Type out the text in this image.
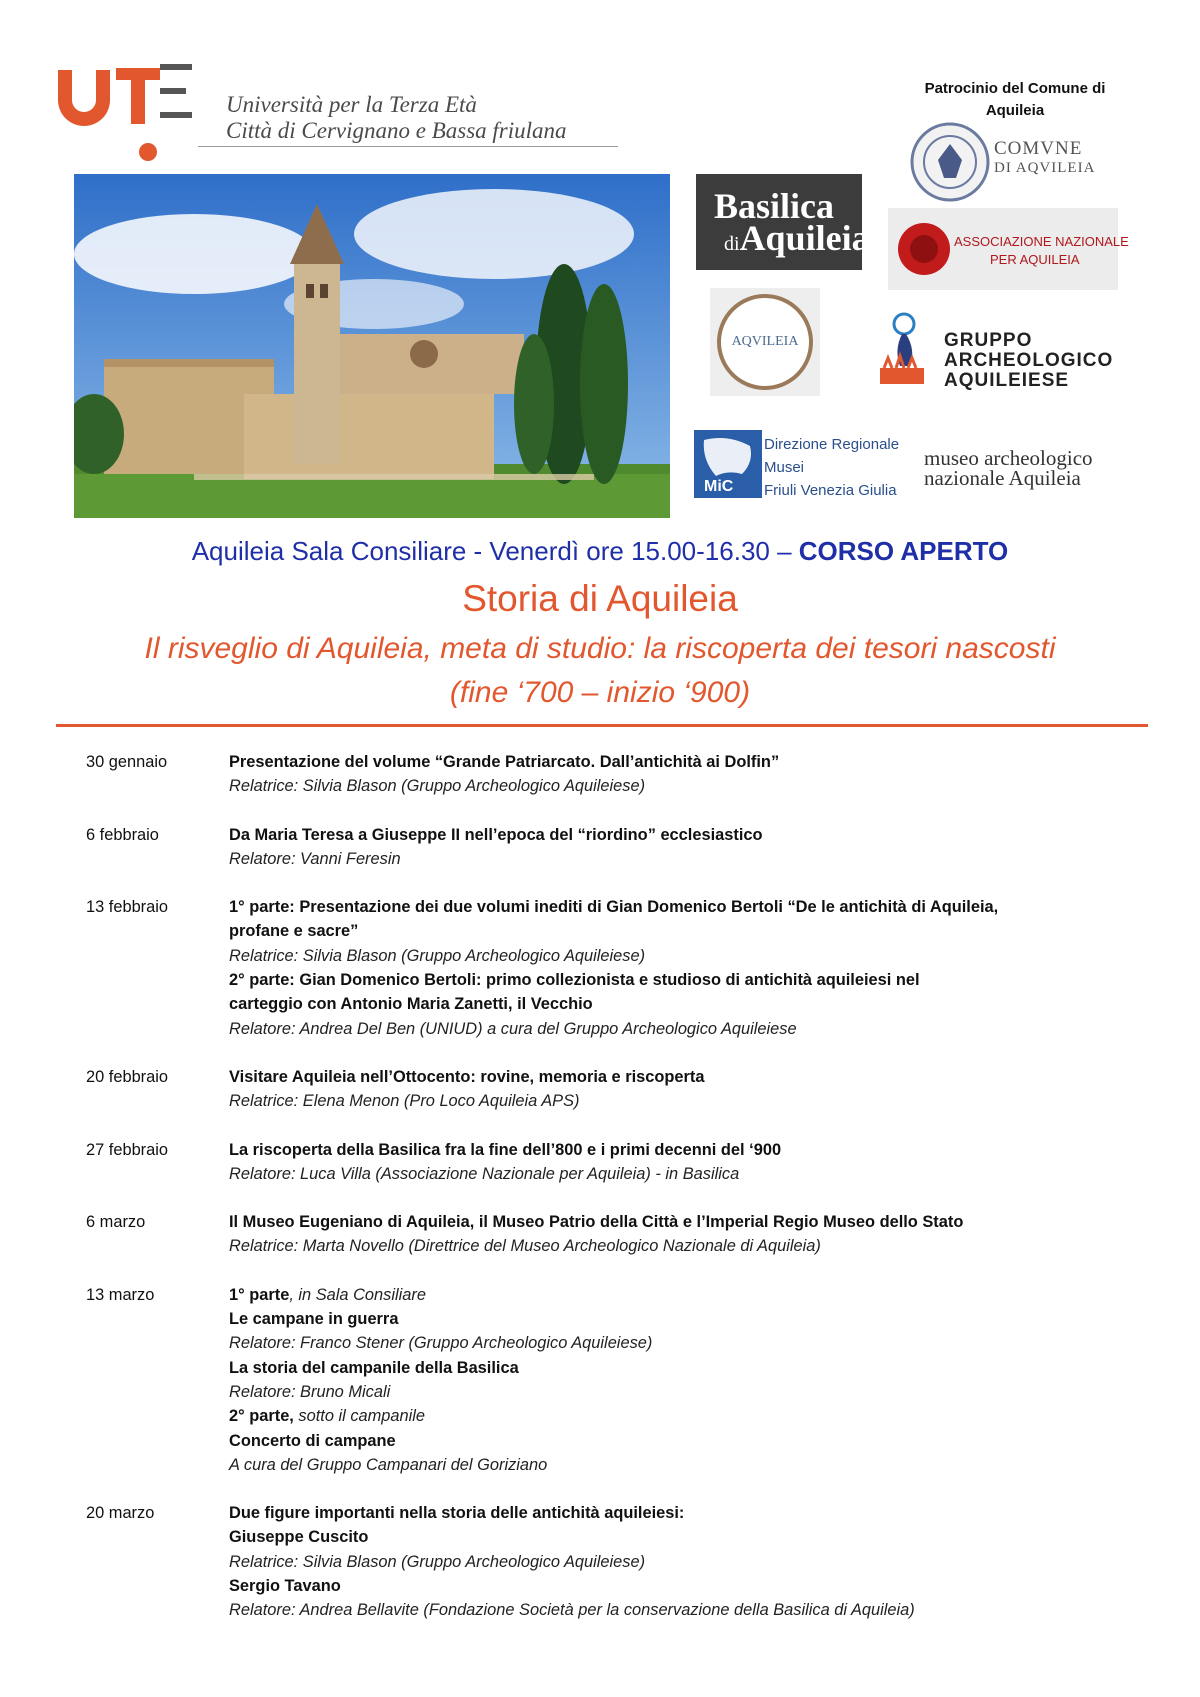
Università per la Terza Età
Città di Cervignano e Bassa friulana
Patrocinio del Comune di
Aquileia
Basilica
diAquileia
COMVNE
DI AQVILEIA
ASSOCIAZIONE NAZIONALE
PER AQUILEIA
AQVILEIA	GRUPPO
ARCHEOLOGICO
AQUILEIESE
MiC
Direzione Regionale
Musei
Friuli Venezia Giulia
museo archeologico
nazionale Aquileia
Aquileia Sala Consiliare - Venerdì ore 15.00-16.30 – CORSO APERTO
Storia di Aquileia
Il risveglio di Aquileia, meta di studio: la riscoperta dei tesori nascosti
(fine ‘700 – inizio ‘900)
30 gennaio	Presentazione del volume “Grande Patriarcato. Dall’antichità ai Dolfin”
Relatrice: Silvia Blason (Gruppo Archeologico Aquileiese)
6 febbraio	Da Maria Teresa a Giuseppe II nell’epoca del “riordino” ecclesiastico
Relatore: Vanni Feresin
13 febbraio	1° parte: Presentazione dei due volumi inediti di Gian Domenico Bertoli “De le antichità di Aquileia,
profane e sacre”
Relatrice: Silvia Blason (Gruppo Archeologico Aquileiese)
2° parte: Gian Domenico Bertoli: primo collezionista e studioso di antichità aquileiesi nel
carteggio con Antonio Maria Zanetti, il Vecchio
Relatore: Andrea Del Ben (UNIUD) a cura del Gruppo Archeologico Aquileiese
20 febbraio	Visitare Aquileia nell’Ottocento: rovine, memoria e riscoperta
Relatrice: Elena Menon (Pro Loco Aquileia APS)
27 febbraio	La riscoperta della Basilica fra la fine dell’800 e i primi decenni del ‘900
Relatore: Luca Villa (Associazione Nazionale per Aquileia) - in Basilica
6 marzo	Il Museo Eugeniano di Aquileia, il Museo Patrio della Città e l’Imperial Regio Museo dello Stato
Relatrice: Marta Novello (Direttrice del Museo Archeologico Nazionale di Aquileia)
13 marzo	1° parte, in Sala Consiliare
Le campane in guerra
Relatore: Franco Stener (Gruppo Archeologico Aquileiese)
La storia del campanile della Basilica
Relatore: Bruno Micali
2° parte, sotto il campanile
Concerto di campane
A cura del Gruppo Campanari del Goriziano
20 marzo	Due figure importanti nella storia delle antichità aquileiesi:
Giuseppe Cuscito
Relatrice: Silvia Blason (Gruppo Archeologico Aquileiese)
Sergio Tavano
Relatore: Andrea Bellavite (Fondazione Società per la conservazione della Basilica di Aquileia)
